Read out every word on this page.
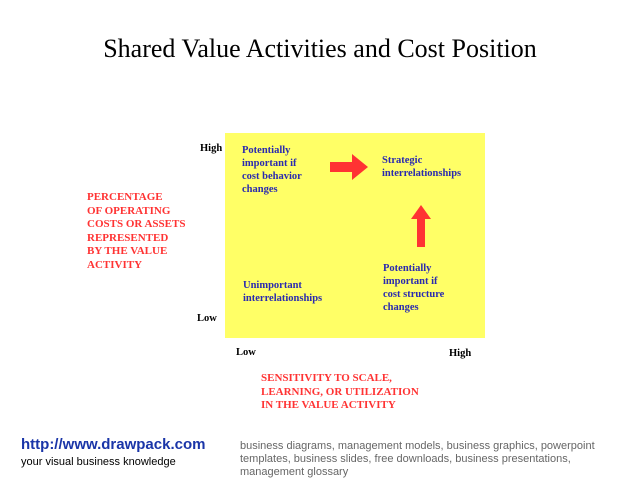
Shared Value Activities and Cost Position
PERCENTAGE
OF OPERATING
COSTS OR ASSETS
REPRESENTED
BY THE VALUE
ACTIVITY
High
Low
Potentially
important if
cost behavior
changes
Strategic
interrelationships
Unimportant
interrelationships
Potentially
important if
cost structure
changes
Low	High
SENSITIVITY TO SCALE,
LEARNING, OR UTILIZATION
IN THE VALUE ACTIVITY
http://www.drawpack.com
your visual business knowledge
business diagrams, management models, business graphics, powerpoint templates, business slides, free downloads, business presentations, management glossary
